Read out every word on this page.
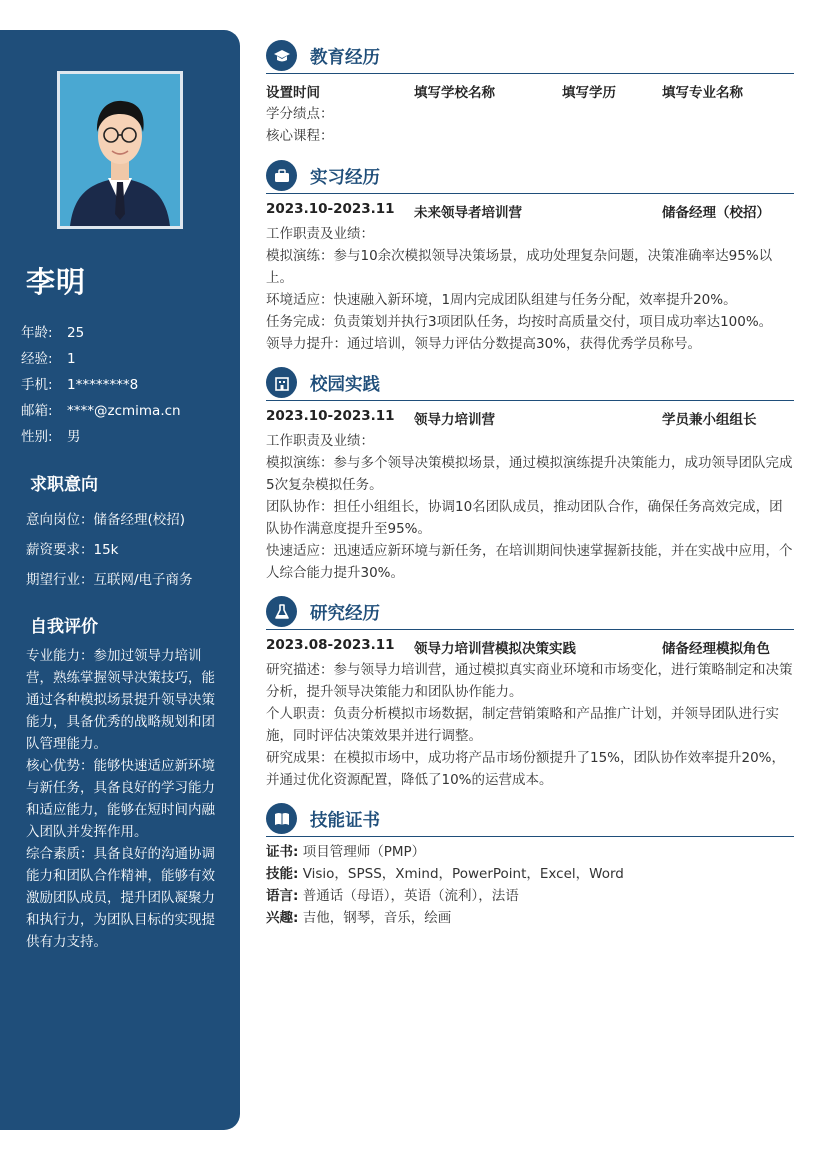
李明
年龄: 25
经验: 1
手机: 1********8
邮箱: ****@zcmima.cn
性别: 男
求职意向
意向岗位：储备经理(校招)
薪资要求：15k
期望行业：互联网/电子商务
自我评价

专业能力：参加过领导力培训营，熟练掌握领导决策技巧，能通过各种模拟场景提升领导决策能力，具备优秀的战略规划和团队管理能力。

核心优势：能够快速适应新环境与新任务，具备良好的学习能力和适应能力，能够在短时间内融入团队并发挥作用。

综合素质：具备良好的沟通协调能力和团队合作精神，能够有效激励团队成员，提升团队凝聚力和执行力，为团队目标的实现提供有力支持。

教育经历
设置时间	填写学校名称	填写学历	填写专业名称

学分绩点：

核心课程：

实习经历
2023.10-2023.11 未来领导者培训营	储备经理（校招）

工作职责及业绩：

模拟演练：参与10余次模拟领导决策场景，成功处理复杂问题，决策准确率达95%以上。

环境适应：快速融入新环境，1周内完成团队组建与任务分配，效率提升20%。

任务完成：负责策划并执行3项团队任务，均按时高质量交付，项目成功率达100%。

领导力提升：通过培训，领导力评估分数提高30%，获得优秀学员称号。

校园实践
2023.10-2023.11 领导力培训营	学员兼小组组长

工作职责及业绩：

模拟演练：参与多个领导决策模拟场景，通过模拟演练提升决策能力，成功领导团队完成5次复杂模拟任务。

团队协作：担任小组组长，协调10名团队成员，推动团队合作，确保任务高效完成，团队协作满意度提升至95%。

快速适应：迅速适应新环境与新任务，在培训期间快速掌握新技能，并在实战中应用，个人综合能力提升30%。

研究经历
2023.08-2023.11 领导力培训营模拟决策实践	储备经理模拟角色

研究描述：参与领导力培训营，通过模拟真实商业环境和市场变化，进行策略制定和决策分析，提升领导决策能力和团队协作能力。

个人职责：负责分析模拟市场数据，制定营销策略和产品推广计划，并领导团队进行实施，同时评估决策效果并进行调整。

研究成果：在模拟市场中，成功将产品市场份额提升了15%，团队协作效率提升20%，并通过优化资源配置，降低了10%的运营成本。

技能证书

证书: 项目管理师（PMP）

技能: Visio，SPSS，Xmind，PowerPoint，Excel，Word

语言: 普通话（母语），英语（流利），法语

兴趣: 吉他，钢琴，音乐，绘画
